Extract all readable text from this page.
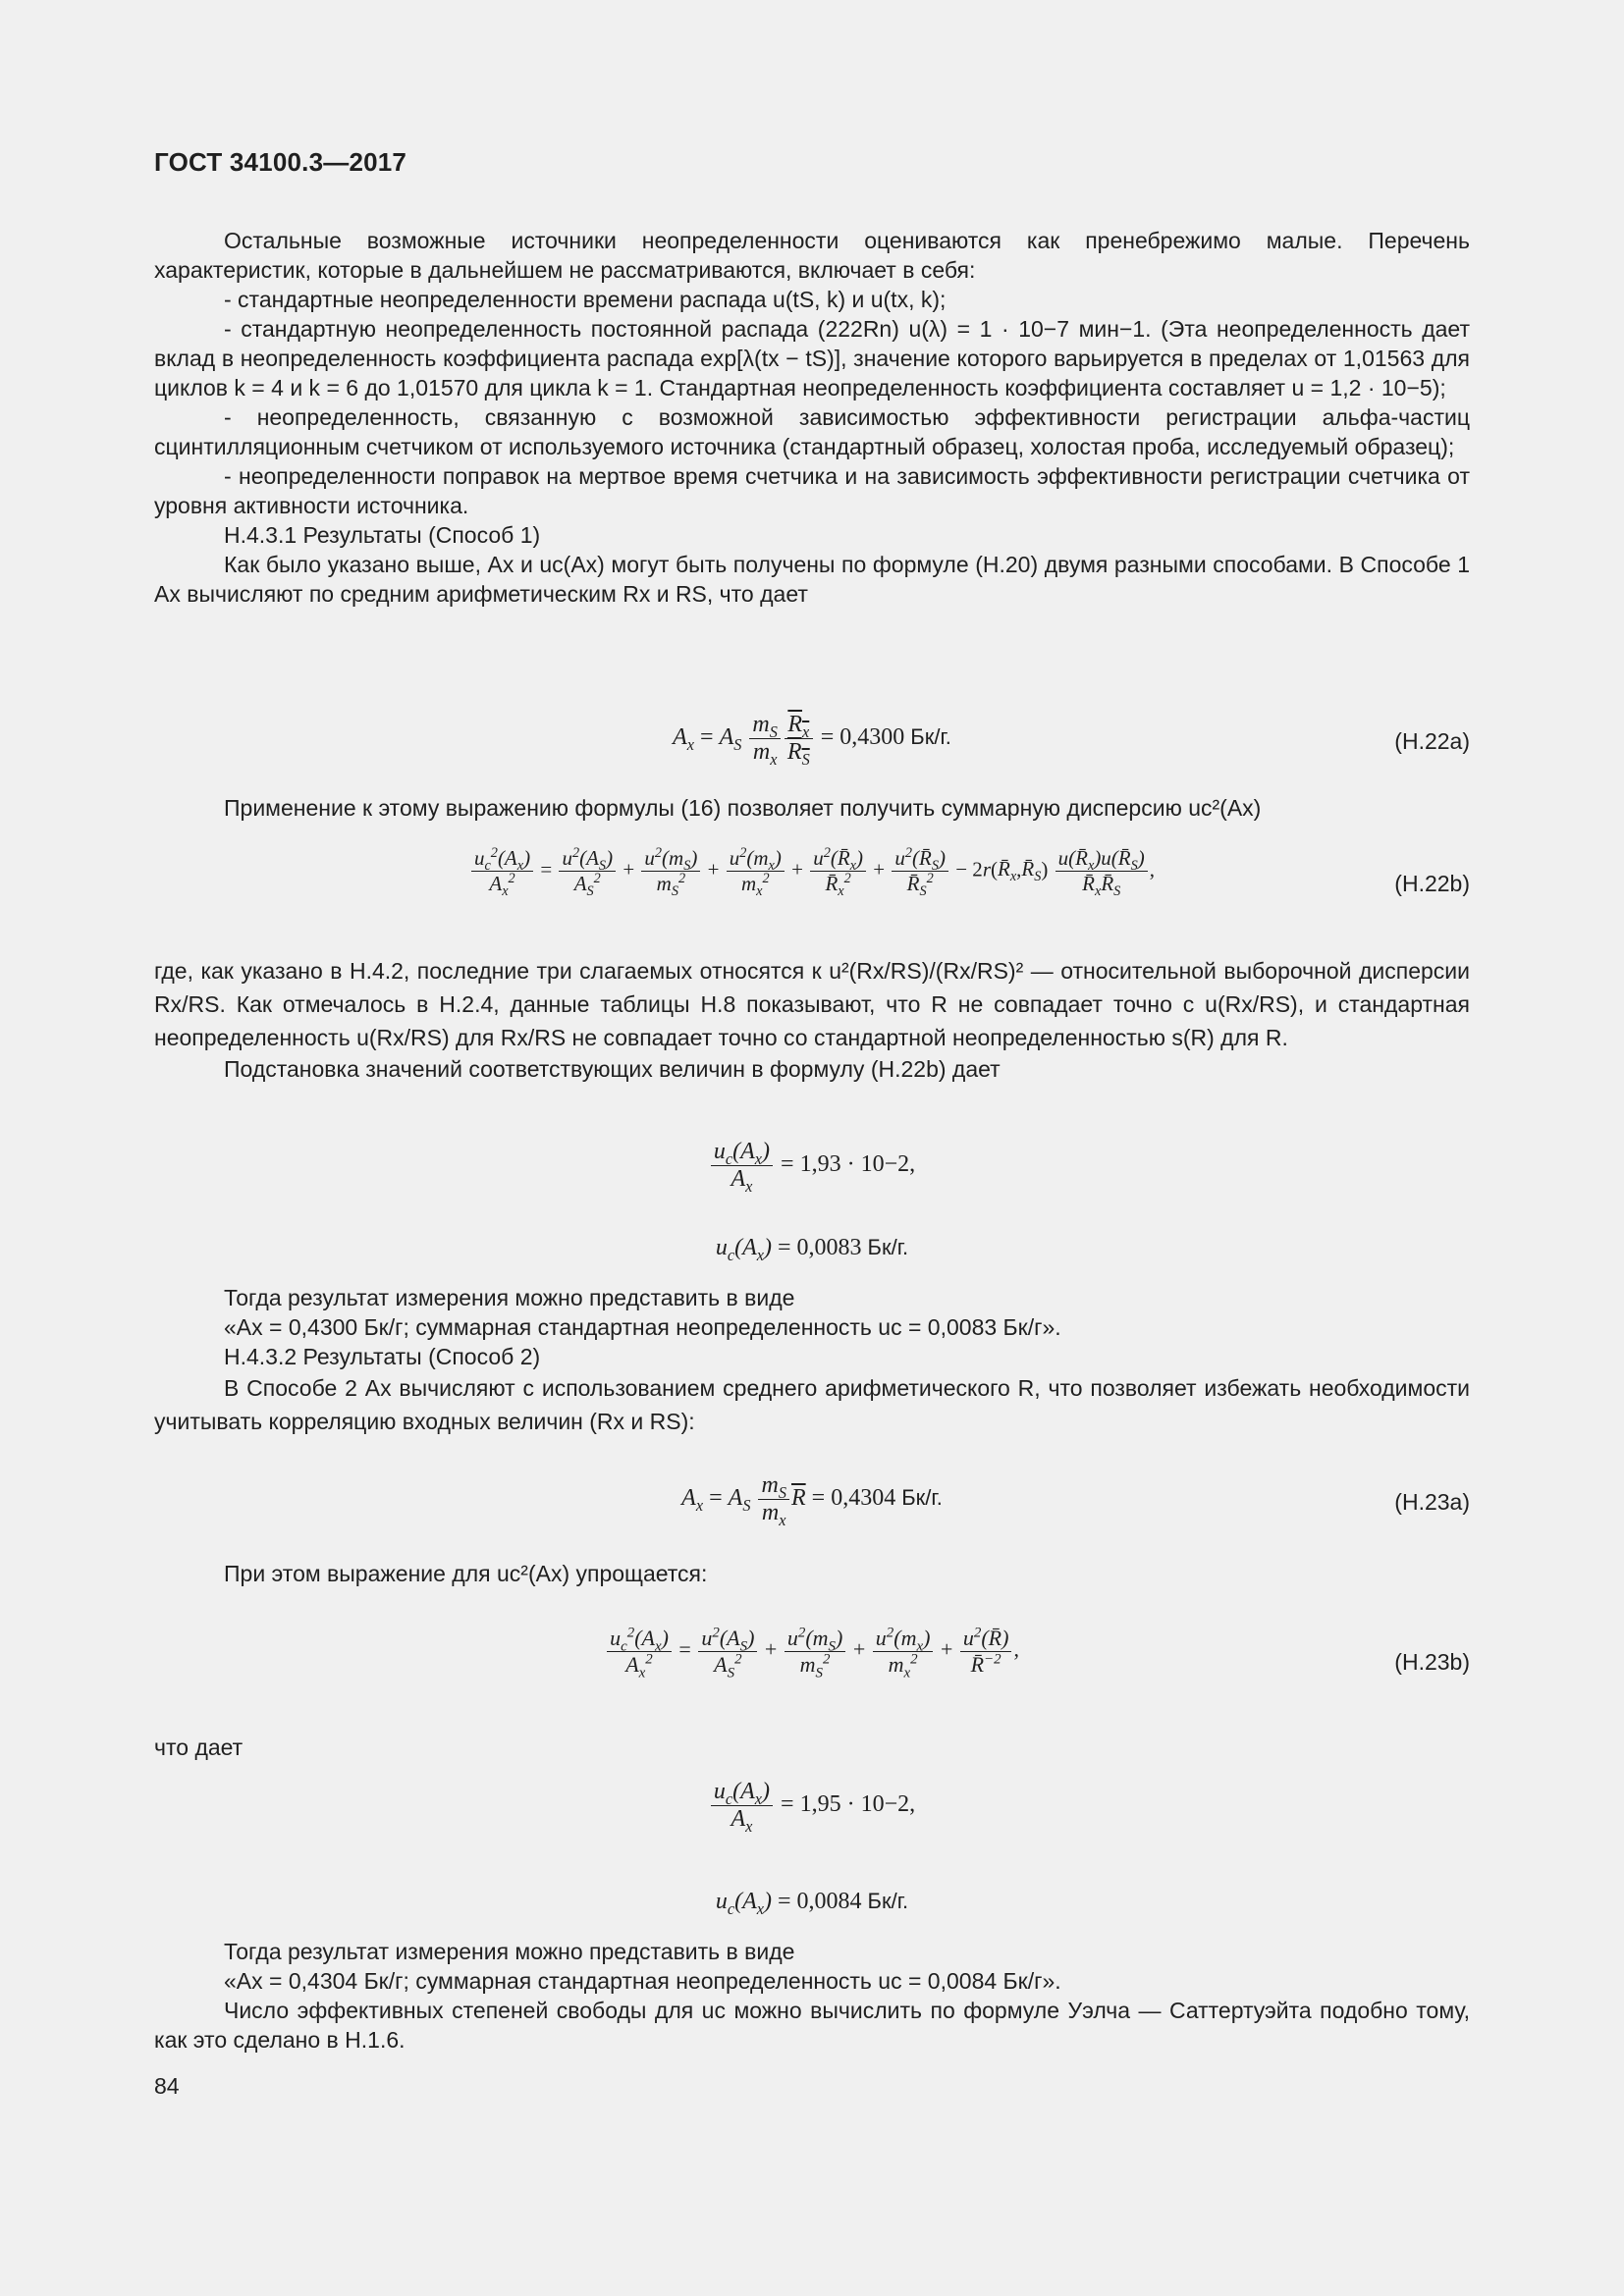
ГОСТ 34100.3—2017

Остальные возможные источники неопределенности оцениваются как пренебрежимо малые. Перечень характеристик, которые в дальнейшем не рассматриваются, включает в себя:

- стандартные неопределенности времени распада u(tS, k) и u(tx, k);

- стандартную неопределенность постоянной распада (222Rn) u(λ) = 1 · 10−7 мин−1. (Эта неопределенность дает вклад в неопределенность коэффициента распада exp[λ(tx − tS)], значение которого варьируется в пределах от 1,01563 для циклов k = 4 и k = 6 до 1,01570 для цикла k = 1. Стандартная неопределенность коэффициента составляет u = 1,2 · 10−5);

- неопределенность, связанную с возможной зависимостью эффективности регистрации альфа-частиц сцинтилляционным счетчиком от используемого источника (стандартный образец, холостая проба, исследуемый образец);

- неопределенности поправок на мертвое время счетчика и на зависимость эффективности регистрации счетчика от уровня активности источника.

Н.4.3.1 Результаты (Способ 1)

Как было указано выше, Ax и uc(Ax) могут быть получены по формуле (Н.20) двумя разными способами. В Способе 1 Ax вычисляют по средним арифметическим Rx и RS, что дает

$A_x = A_S \frac{m_S}{m_x} \frac{R_x}{R_S} = 0,4300$ Бк/г.	(Н.22а)

Применение к этому выражению формулы (16) позволяет получить суммарную дисперсию uc²(Ax)

$\frac{u_c^2(A_x)}{A_x^2} = \frac{u^2(A_S)}{A_S^2} + \frac{u^2(m_S)}{m_S^2} + \frac{u^2(m_x)}{m_x^2} + \frac{u^2(R̄_x)}{R̄_x^2} + \frac{u^2(R̄_S)}{R̄_S^2}$ − $2r(R̄_x,R̄_S) \frac{u(R̄_x)u(R̄_S)}{R̄_xR̄_S}$ ,
(Н.22b)

где, как указано в Н.4.2, последние три слагаемых относятся к u²(Rx/RS)/(Rx/RS)² — относительной выборочной дисперсии Rx/RS. Как отмечалось в Н.2.4, данные таблицы Н.8 показывают, что R не совпадает точно с u(Rx/RS), и стандартная неопределенность u(Rx/RS) для Rx/RS не совпадает точно со стандартной неопределенностью s(R) для R.

Подстановка значений соответствующих величин в формулу (Н.22b) дает

$\frac{u_c(A_x)}{A_x} = 1,93 \cdot 10-2$,
$u_c(A_x) = 0,0083$ Бк/г.

Тогда результат измерения можно представить в виде

«Ax = 0,4300 Бк/г; суммарная стандартная неопределенность uc = 0,0083 Бк/г».

Н.4.3.2 Результаты (Способ 2)

В Способе 2 Ax вычисляют с использованием среднего арифметического R, что позволяет избежать необходимости учитывать корреляцию входных величин (Rx и RS):

$A_x = A_S \frac{m_S}{m_x} \overline{R} = 0,4304$ Бк/г.	(Н.23а)

При этом выражение для uc²(Ax) упрощается:

$\frac{u_c^2(A_x)}{A_x^2} = \frac{u^2(A_S)}{A_S^2} + \frac{u^2(m_S)}{m_S^2} + \frac{u^2(m_x)}{m_x^2} + \frac{u^2(R̄)}{R̄^{-2}}$ ,	(Н.23b)

что дает

$\frac{u_c(A_x)}{A_x} = 1,95 \cdot 10-2$,
$u_c(A_x) = 0,0084$ Бк/г.

Тогда результат измерения можно представить в виде

«Ax = 0,4304 Бк/г; суммарная стандартная неопределенность uc = 0,0084 Бк/г».

Число эффективных степеней свободы для uc можно вычислить по формуле Уэлча — Саттертуэйта подобно тому, как это сделано в Н.1.6.

84
